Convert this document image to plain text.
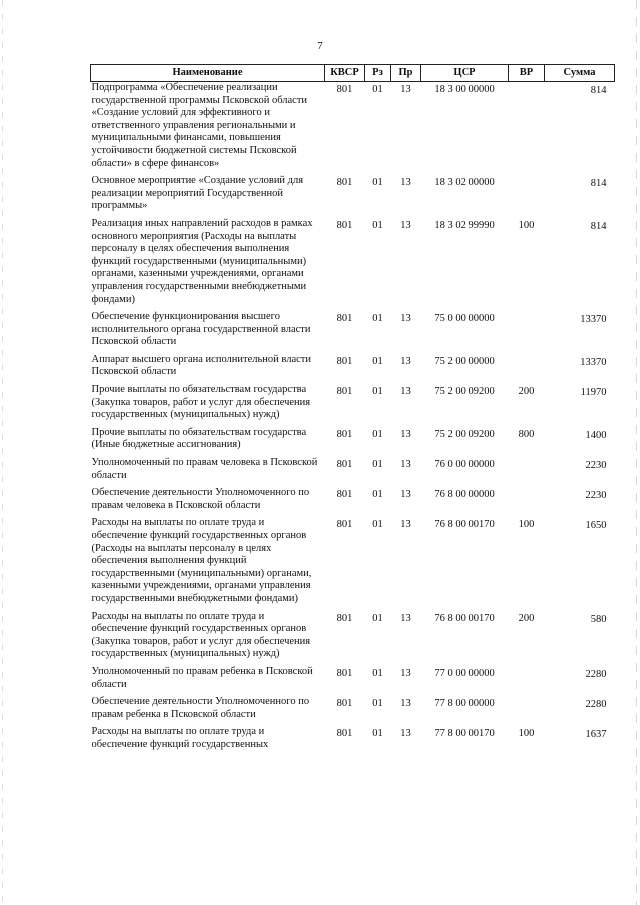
7
Наименование	КВСР	Рз	Пр	ЦСР	ВР	Сумма
Подпрограмма «Обеспечение реализации государственной программы Псковской области «Создание условий для эффективного и ответственного управления региональными и муниципальными финансами, повышения устойчивости бюджетной системы Псковской области» в сфере финансов»	801	01	13	18 3 00 00000		814
Основное мероприятие «Создание условий для реализации мероприятий Государственной программы»	801	01	13	18 3 02 00000		814
Реализация иных направлений расходов в рамках основного мероприятия (Расходы на выплаты персоналу в целях обеспечения выполнения функций государственными (муниципальными) органами, казенными учреждениями, органами управления государственными внебюджетными фондами)	801	01	13	18 3 02 99990	100	814
Обеспечение функционирования высшего исполнительного органа государственной власти Псковской области	801	01	13	75 0 00 00000		13370
Аппарат высшего органа исполнительной власти Псковской области	801	01	13	75 2 00 00000		13370
Прочие выплаты по обязательствам государства (Закупка товаров, работ и услуг для обеспечения государственных (муниципальных) нужд)	801	01	13	75 2 00 09200	200	11970
Прочие выплаты по обязательствам государства (Иные бюджетные ассигнования)	801	01	13	75 2 00 09200	800	1400
Уполномоченный по правам человека в Псковской области	801	01	13	76 0 00 00000		2230
Обеспечение деятельности Уполномоченного по правам человека в Псковской области	801	01	13	76 8 00 00000		2230
Расходы на выплаты по оплате труда и обеспечение функций государственных органов (Расходы на выплаты персоналу в целях обеспечения выполнения функций государственными (муниципальными) органами, казенными учреждениями, органами управления государственными внебюджетными фондами)	801	01	13	76 8 00 00170	100	1650
Расходы на выплаты по оплате труда и обеспечение функций государственных органов (Закупка товаров, работ и услуг для обеспечения государственных (муниципальных) нужд)	801	01	13	76 8 00 00170	200	580
Уполномоченный по правам ребенка в Псковской области	801	01	13	77 0 00 00000		2280
Обеспечение деятельности Уполномоченного по правам ребенка в Псковской области	801	01	13	77 8 00 00000		2280
Расходы на выплаты по оплате труда и обеспечение функций государственных	801	01	13	77 8 00 00170	100	1637
